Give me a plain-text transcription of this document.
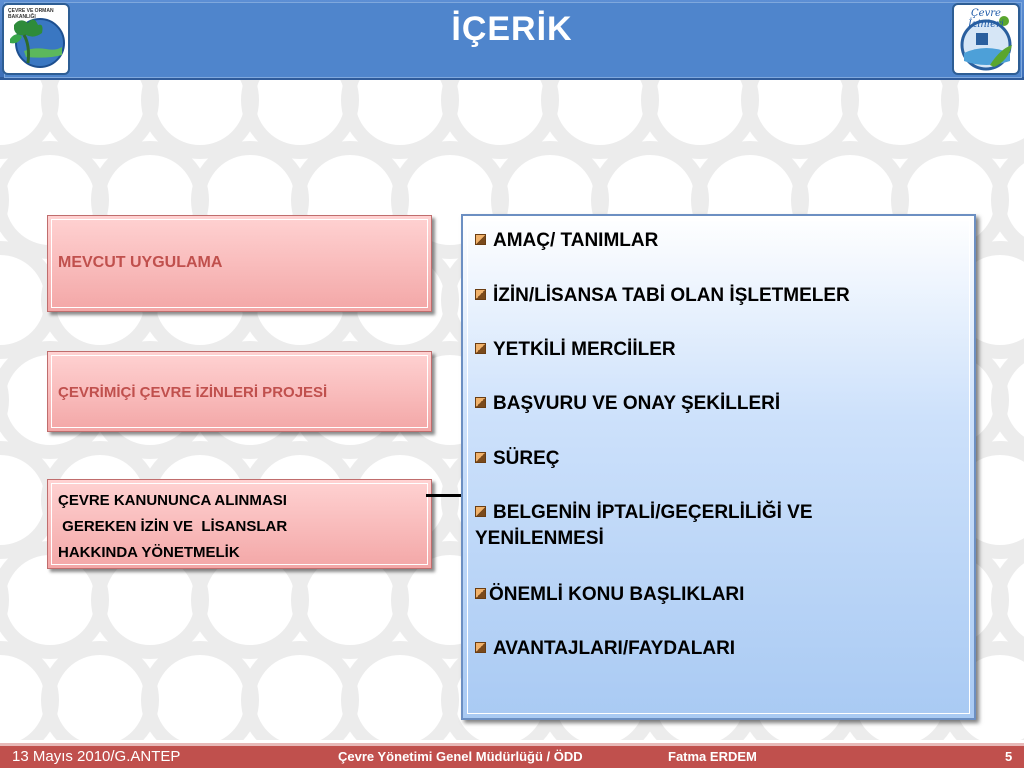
İÇERİK
ÇEVRE VE ORMAN BAKANLIĞI	Çevre İzinleri
MEVCUT UYGULAMA
ÇEVRİMİÇİ ÇEVRE İZİNLERİ PROJESİ
ÇEVRE KANUNUNCA ALINMASI
GEREKEN İZİN VE  LİSANSLAR
HAKKINDA YÖNETMELİK
AMAÇ/ TANIMLAR
İZİN/LİSANSA TABİ OLAN İŞLETMELER
YETKİLİ MERCİİLER
BAŞVURU VE ONAY ŞEKİLLERİ
SÜREÇ
BELGENİN İPTALİ/GEÇERLİLİĞİ VE
YENİLENMESİ
ÖNEMLİ KONU BAŞLIKLARI
AVANTAJLARI/FAYDALARI
13 Mayıs 2010/G.ANTEP	Çevre Yönetimi Genel Müdürlüğü / ÖDD	Fatma ERDEM	5
